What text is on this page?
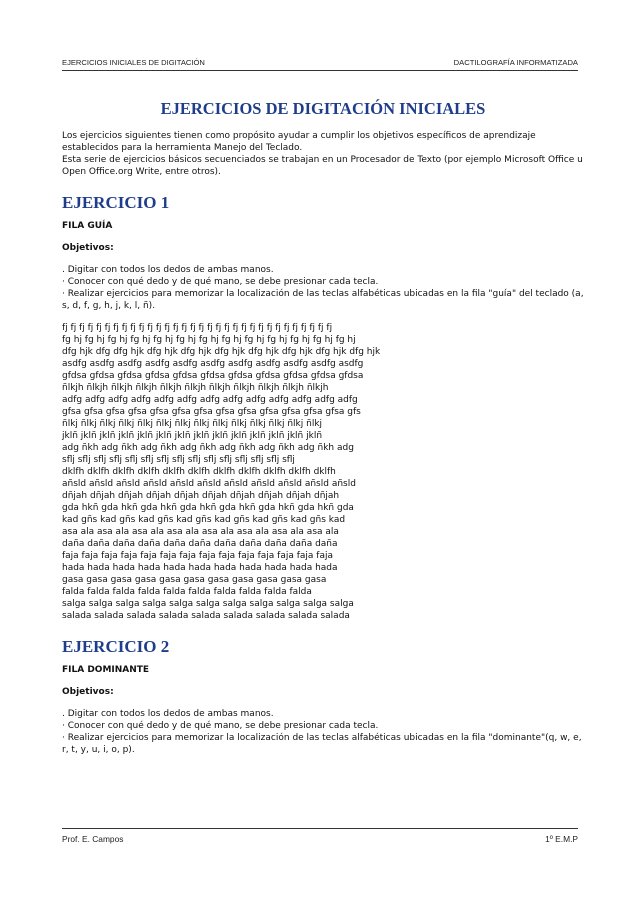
EJERCICIOS INICIALES DE DIGITACIÓN	DACTILOGRAFÍA INFORMATIZADA
EJERCICIOS DE DIGITACIÓN INICIALES

Los ejercicios siguientes tienen como propósito ayudar a cumplir los objetivos específicos de aprendizaje establecidos para la herramienta Manejo del Teclado.

Esta serie de ejercicios básicos secuenciados se trabajan en un Procesador de Texto (por ejemplo Microsoft Office u Open Office.org Write, entre otros).

EJERCICIO 1
FILA GUÍA
Objetivos:

. Digitar con todos los dedos de ambas manos.

· Conocer con qué dedo y de qué mano, se debe presionar cada tecla.

· Realizar ejercicios para memorizar la localización de las teclas alfabéticas ubicadas en la fila "guía" del teclado (a, s, d, f, g, h, j, k, l, ñ).

fj fj fj fj fj fj fj fj fj fj fj fj fj fj fj fj fj fj fj fj fj fj fj fj fj fj fj fj fj fj fj fj
fg hj fg hj fg hj fg hj fg hj fg hj fg hj fg hj fg hj fg hj fg hj fg hj fg hj
dfg hjk dfg dfg hjk dfg hjk dfg hjk dfg hjk dfg hjk dfg hjk dfg hjk dfg hjk
asdfg asdfg asdfg asdfg asdfg asdfg asdfg asdfg asdfg asdfg asdfg
gfdsa gfdsa gfdsa gfdsa gfdsa gfdsa gfdsa gfdsa gfdsa gfdsa gfdsa
ñlkjh ñlkjh ñlkjh ñlkjh ñlkjh ñlkjh ñlkjh ñlkjh ñlkjh ñlkjh ñlkjh
adfg adfg adfg adfg adfg adfg adfg adfg adfg adfg adfg adfg adfg
gfsa gfsa gfsa gfsa gfsa gfsa gfsa gfsa gfsa gfsa gfsa gfsa gfsa gfs
ñlkj ñlkj ñlkj ñlkj ñlkj ñlkj ñlkj ñlkj ñlkj ñlkj ñlkj ñlkj ñlkj ñlkj
jklñ jklñ jklñ jklñ jklñ jklñ jklñ jklñ jklñ jklñ jklñ jklñ jklñ jklñ
adg ñkh adg ñkh adg ñkh adg ñkh adg ñkh adg ñkh adg ñkh adg
sflj sflj sflj sflj sflj sflj sflj sflj sflj sflj sflj sflj sflj sflj sflj
dklfh dklfh dklfh dklfh dklfh dklfh dklfh dklfh dklfh dklfh dklfh
añsld añsld añsld añsld añsld añsld añsld añsld añsld añsld añsld
dñjah dñjah dñjah dñjah dñjah dñjah dñjah dñjah dñjah dñjah
gda hkñ gda hkñ gda hkñ gda hkñ gda hkñ gda hkñ gda hkñ gda
kad gñs kad gñs kad gñs kad gñs kad gñs kad gñs kad gñs kad
asa ala asa ala asa ala asa ala asa ala asa ala asa ala asa ala
daña daña daña daña daña daña daña daña daña daña daña
faja faja faja faja faja faja faja faja faja faja faja faja faja faja
hada hada hada hada hada hada hada hada hada hada hada
gasa gasa gasa gasa gasa gasa gasa gasa gasa gasa gasa
falda falda falda falda falda falda falda falda falda falda
salga salga salga salga salga salga salga salga salga salga salga
salada salada salada salada salada salada salada salada salada
EJERCICIO 2
FILA DOMINANTE
Objetivos:

. Digitar con todos los dedos de ambas manos.

· Conocer con qué dedo y de qué mano, se debe presionar cada tecla.

· Realizar ejercicios para memorizar la localización de las teclas alfabéticas ubicadas en la fila "dominante"(q, w, e, r, t, y, u, i, o, p).

Prof. E. Campos	1º E.M.P
